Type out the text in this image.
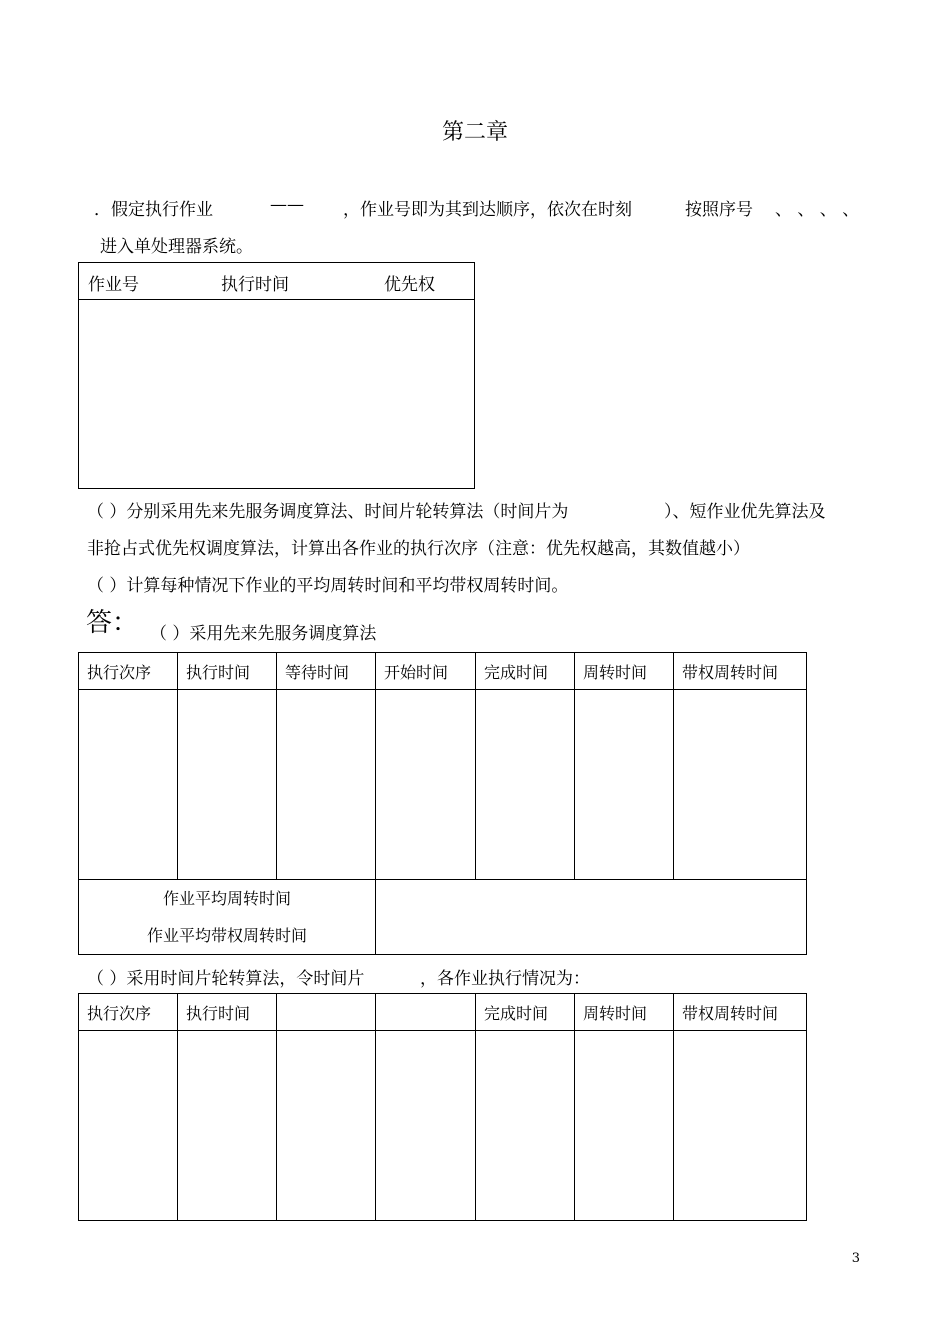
第二章
．假定执行作业	—— ，作业号即为其到达顺序，依次在时刻	按照序号 、 、 、 、
进入单处理器系统。
作业号	执行时间	优先权

（ ）分别采用先来先服务调度算法、时间片轮转算法（时间片为	）、短作业优先算法及
非抢占式优先权调度算法，计算出各作业的执行次序（注意：优先权越高，其数值越小）
（ ）计算每种情况下作业的平均周转时间和平均带权周转时间。
答： （ ）采用先来先服务调度算法
执行次序	执行时间	等待时间	开始时间	完成时间	周转时间	带权周转时间

作业平均周转时间
作业平均带权周转时间						

（ ）采用时间片轮转算法，令时间片	，各作业执行情况为：
执行次序	执行时间			完成时间	周转时间	带权周转时间

3
